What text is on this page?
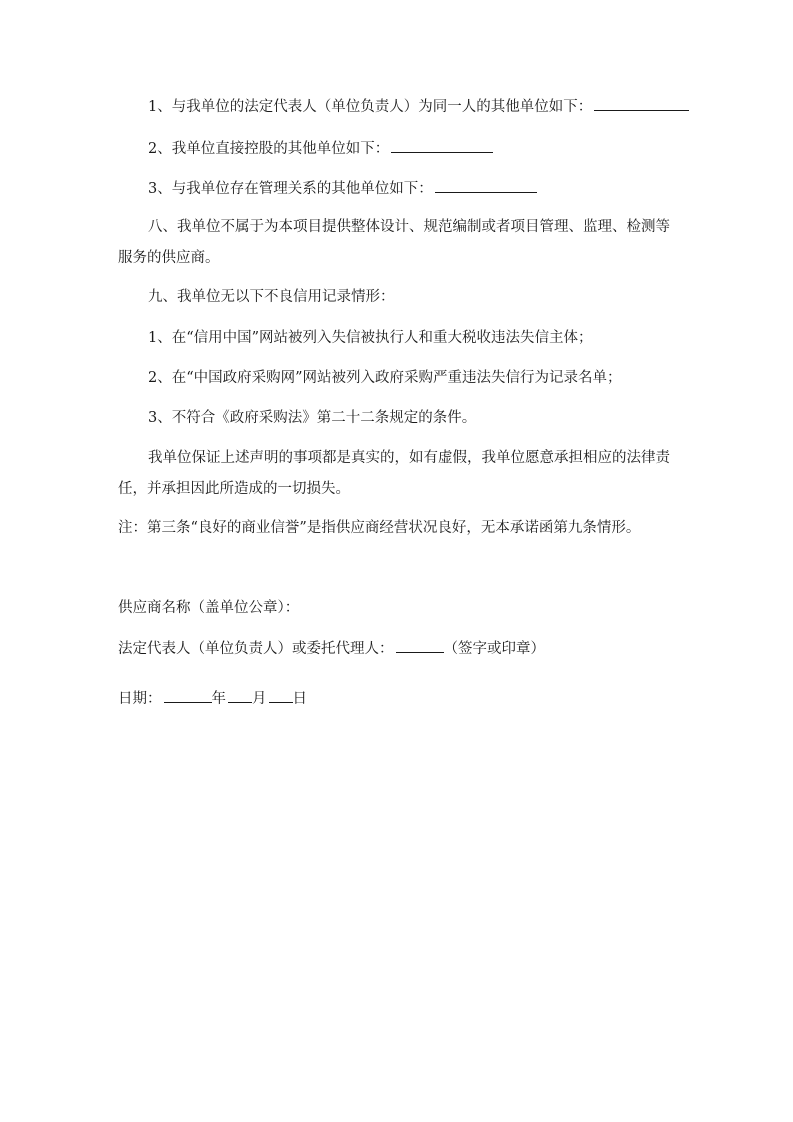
1、与我单位的法定代表人（单位负责人）为同一人的其他单位如下：
2、我单位直接控股的其他单位如下：
3、与我单位存在管理关系的其他单位如下：
八、我单位不属于为本项目提供整体设计、规范编制或者项目管理、监理、检测等服务的供应商。
九、我单位无以下不良信用记录情形：
1、在“信用中国”网站被列入失信被执行人和重大税收违法失信主体；
2、在“中国政府采购网”网站被列入政府采购严重违法失信行为记录名单；
3、不符合《政府采购法》第二十二条规定的条件。
我单位保证上述声明的事项都是真实的，如有虚假，我单位愿意承担相应的法律责任，并承担因此所造成的一切损失。
注：第三条“良好的商业信誉”是指供应商经营状况良好，无本承诺函第九条情形。
供应商名称（盖单位公章）：
法定代表人（单位负责人）或委托代理人：	（签字或印章）
日期：	年 月 日
